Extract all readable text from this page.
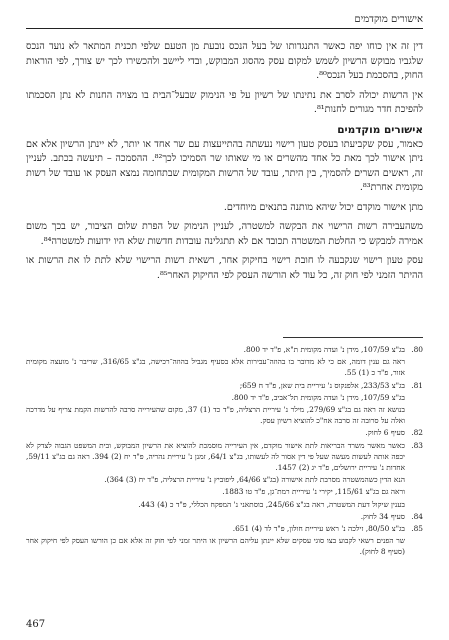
אישורים מוקדמים

דין זה אין כוחו יפה כאשר התנגדותו של בעל הנכס נובעת מן הטעם שלפי תכנית המתאר לא נועד הנכס שלגביו מבוקש הרשיון לשמש למקום עסק מהסוג המבוקש, ובדי ליישב ולהכשירו לכך יש צורך, לפי הוראות החוק, בהסכמת בעל הנכס⁸⁰.

אין הרשות יכולה לסרב את נתינתו של רשיון על פי הנימוק שבעל־הבית בו מצויה החנות לא נתן הסכמתו להפיכת חדר מגורים לחנות⁸¹.

אישורים מוקדמים

כאמור, עסק שקביעתו בעסק טעון רישוי נעשתה בהתייעצות עם שר אחד או יותר, לא יינתן הרשיון אלא אם ניתן אישור לכך מאת כל אחד מהשרים או מי שאותו שר הסמיכו לכך⁸². ההסמכה – תיעשה בכתב. לעניין זה, ראשים השרים להסמיך, בין היתר, עובד של הרשות המקומית שבתחומה נמצא העסק או עובד של רשות מקומית אחרת⁸³.

מתן אישור מוקדם יכול שיהא מותנה בתנאים מיוחדים.

משהעבירה רשות הרישוי את הבקשה למשטרה, לעניין הנימוק של הפרת שלום הציבור, יש בכך משום אמירה למבקש כי החלטת המשטרה תכובד אם לא תתגלינה עובדות חדשות שלא היו ידועות למשטרה⁸⁴.

עסק טעון רישוי שנקבעה לו חובת רישוי בחיקוק אחר, רשאית רשות הרישוי שלא לתת לו את הרשות או ההיתר הזמני לפי חוק זה, כל עוד לא הורשה העסק לפי החיקוק האחר⁸⁵.

80.
בג"צ 107/59, מידן נ' ועדה מקומית ת"א, פ"ד יד 800.
ראה גם ענין דומה, אם כי לא מדובר בו בהוזה־עבירות אלא בסעיף מגביל בהוזה־רכישה, בג"צ 316/65, שריבר נ' מועצה מקומית אזור, פ"ד כ (1) 55.
81.
בג"צ 233/53, אלפנקוס נ' עיריית בית שאן, פ"ד ח 659;
בג"צ 107/59, מידן נ' ועדה מקומית תל־אביב, פ"ד יד 800.
בנושא זה ראה גם בג"צ 279/69, מילר נ' עיריית הרצליה, פ"ד כד (1) 37, מקום שהעירייה סרבה להרשות הקמת צריף על מדרכה ואלה על סרובה זה סרבה אח"כ להוציא רשיון עסק.
82.
סעיף 6 לחוק.
83.
כאשר מאשר משרד הבריאות לתת אישור מוקדם, אין העירייה מוסמכת להוציא את הרשיון המבוקש, ובית המשפט הגבוה לצדק לא יכפה אותה לעשות מעשה שעל פי דין אסור לה לעשותו, בג"צ 64/1, זמנן נ' עיריית נהריה, פ"ד יח (2) 394. ראה גם בג"צ 59/11, אחדות נ' עיריית ירושלים, פ"ד יג (2) 1457.
הנא הדין כשהמשטרה מסרבת לתת אישורה (בג"צ 64/66, ליפוביץ נ' עיריית הרצליה, פ"ד יח (3) 364).
וראה גם בג"צ 115/61, יקירי נ' עיריית רמת־גן, פ"ד טו 1883.
בענין שיקול דעת המשטרה, ראה בג"צ 245/66, בוסתאני נ' המפקח הכללי, פ"ד כ (4) 443.
84.
סעיף 34 לחוק.
85.
בג"צ 80/50, זילכה נ' ראש עיריית חולון, פ"ד לד (4) 651.
שר הפנים רשאי לקבוע בצו סוגי עסקים שלא יינתן עליהם הרשיון או היתר זמני לפי חוק זה אלא אם כן הורשו העסק לפי חיקוק אחר (סעיף 8 לחוק).
467
